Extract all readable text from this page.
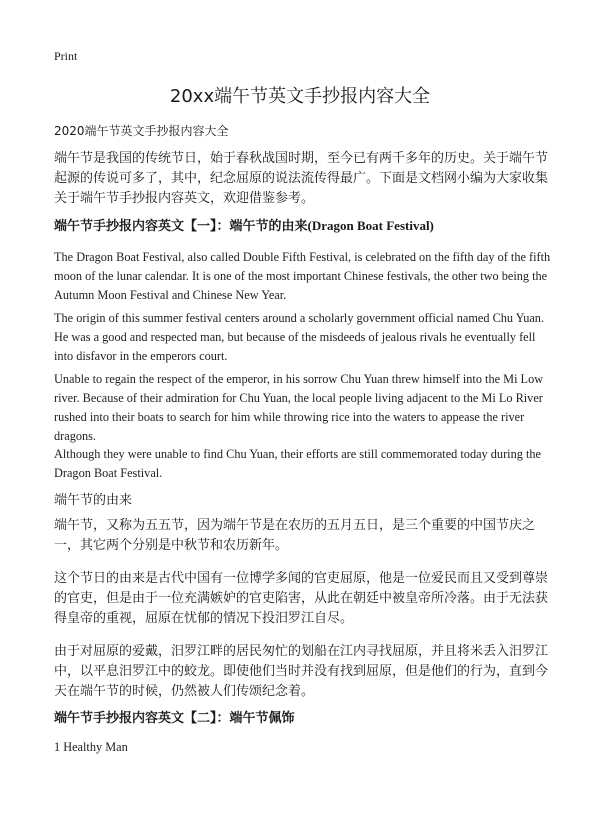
Print
20xx端午节英文手抄报内容大全
2020端午节英文手抄报内容大全

端午节是我国的传统节日，始于春秋战国时期，至今已有两千多年的历史。关于端午节起源的传说可多了，其中，纪念屈原的说法流传得最广。下面是文档网小编为大家收集关于端午节手抄报内容英文，欢迎借鉴参考。

端午节手抄报内容英文【一】：端午节的由来(Dragon Boat Festival)

The Dragon Boat Festival, also called Double Fifth Festival, is celebrated on the fifth day of the fifth moon of the lunar calendar. It is one of the most important Chinese festivals, the other two being the Autumn Moon Festival and Chinese New Year.

The origin of this summer festival centers around a scholarly government official named Chu Yuan. He was a good and respected man, but because of the misdeeds of jealous rivals he eventually fell into disfavor in the emperors court.

Unable to regain the respect of the emperor, in his sorrow Chu Yuan threw himself into the Mi Low river. Because of their admiration for Chu Yuan, the local people living adjacent to the Mi Lo River rushed into their boats to search for him while throwing rice into the waters to appease the river dragons.

Although they were unable to find Chu Yuan, their efforts are still commemorated today during the Dragon Boat Festival.

端午节的由来

端午节，又称为五五节，因为端午节是在农历的五月五日，是三个重要的中国节庆之一，其它两个分别是中秋节和农历新年。

这个节日的由来是古代中国有一位博学多闻的官吏屈原，他是一位爱民而且又受到尊崇的官吏，但是由于一位充满嫉妒的官吏陷害，从此在朝廷中被皇帝所冷落。由于无法获得皇帝的重视，屈原在忧郁的情况下投汨罗江自尽。

由于对屈原的爱戴，汨罗江畔的居民匆忙的划船在江内寻找屈原，并且将米丢入汨罗江中，以平息汨罗江中的蛟龙。即使他们当时并没有找到屈原，但是他们的行为，直到今天在端午节的时候，仍然被人们传颂纪念着。

端午节手抄报内容英文【二】：端午节佩饰
1 Healthy Man
